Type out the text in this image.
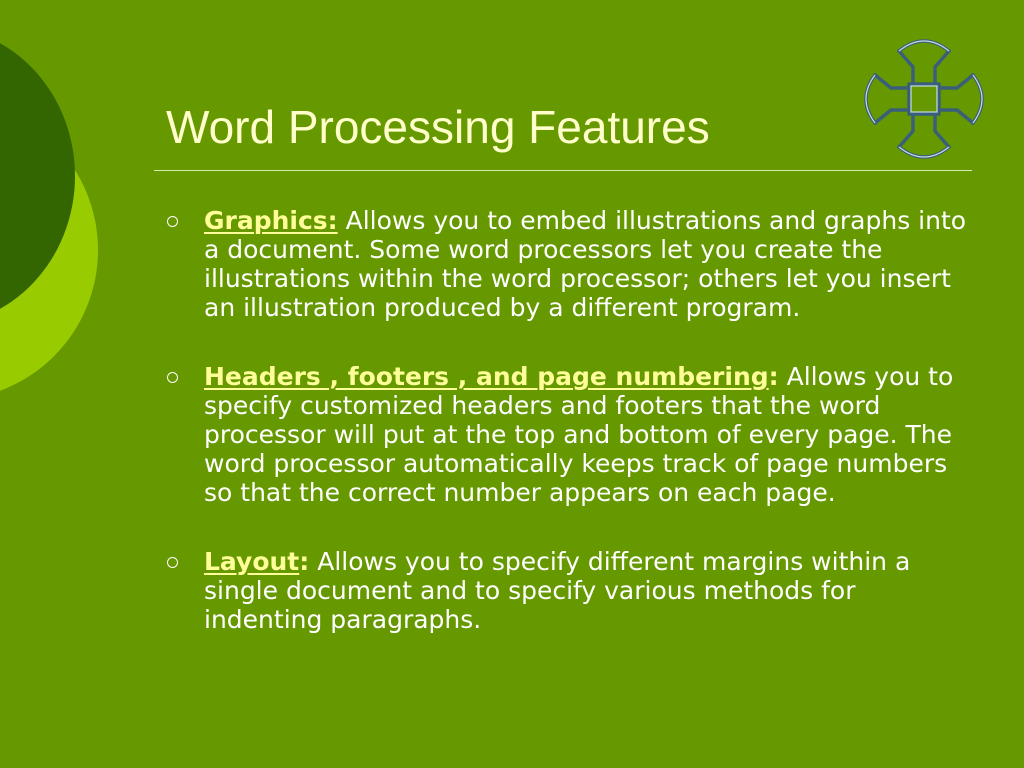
Word Processing Features
Graphics: Allows you to embed illustrations and graphs into a document. Some word processors let you create the illustrations within the word processor; others let you insert an illustration produced by a different program.
Headers , footers , and page numbering: Allows you to specify customized headers and footers that the word processor will put at the top and bottom of every page. The word processor automatically keeps track of page numbers so that the correct number appears on each page.
Layout: Allows you to specify different margins within a single document and to specify various methods for indenting paragraphs.
